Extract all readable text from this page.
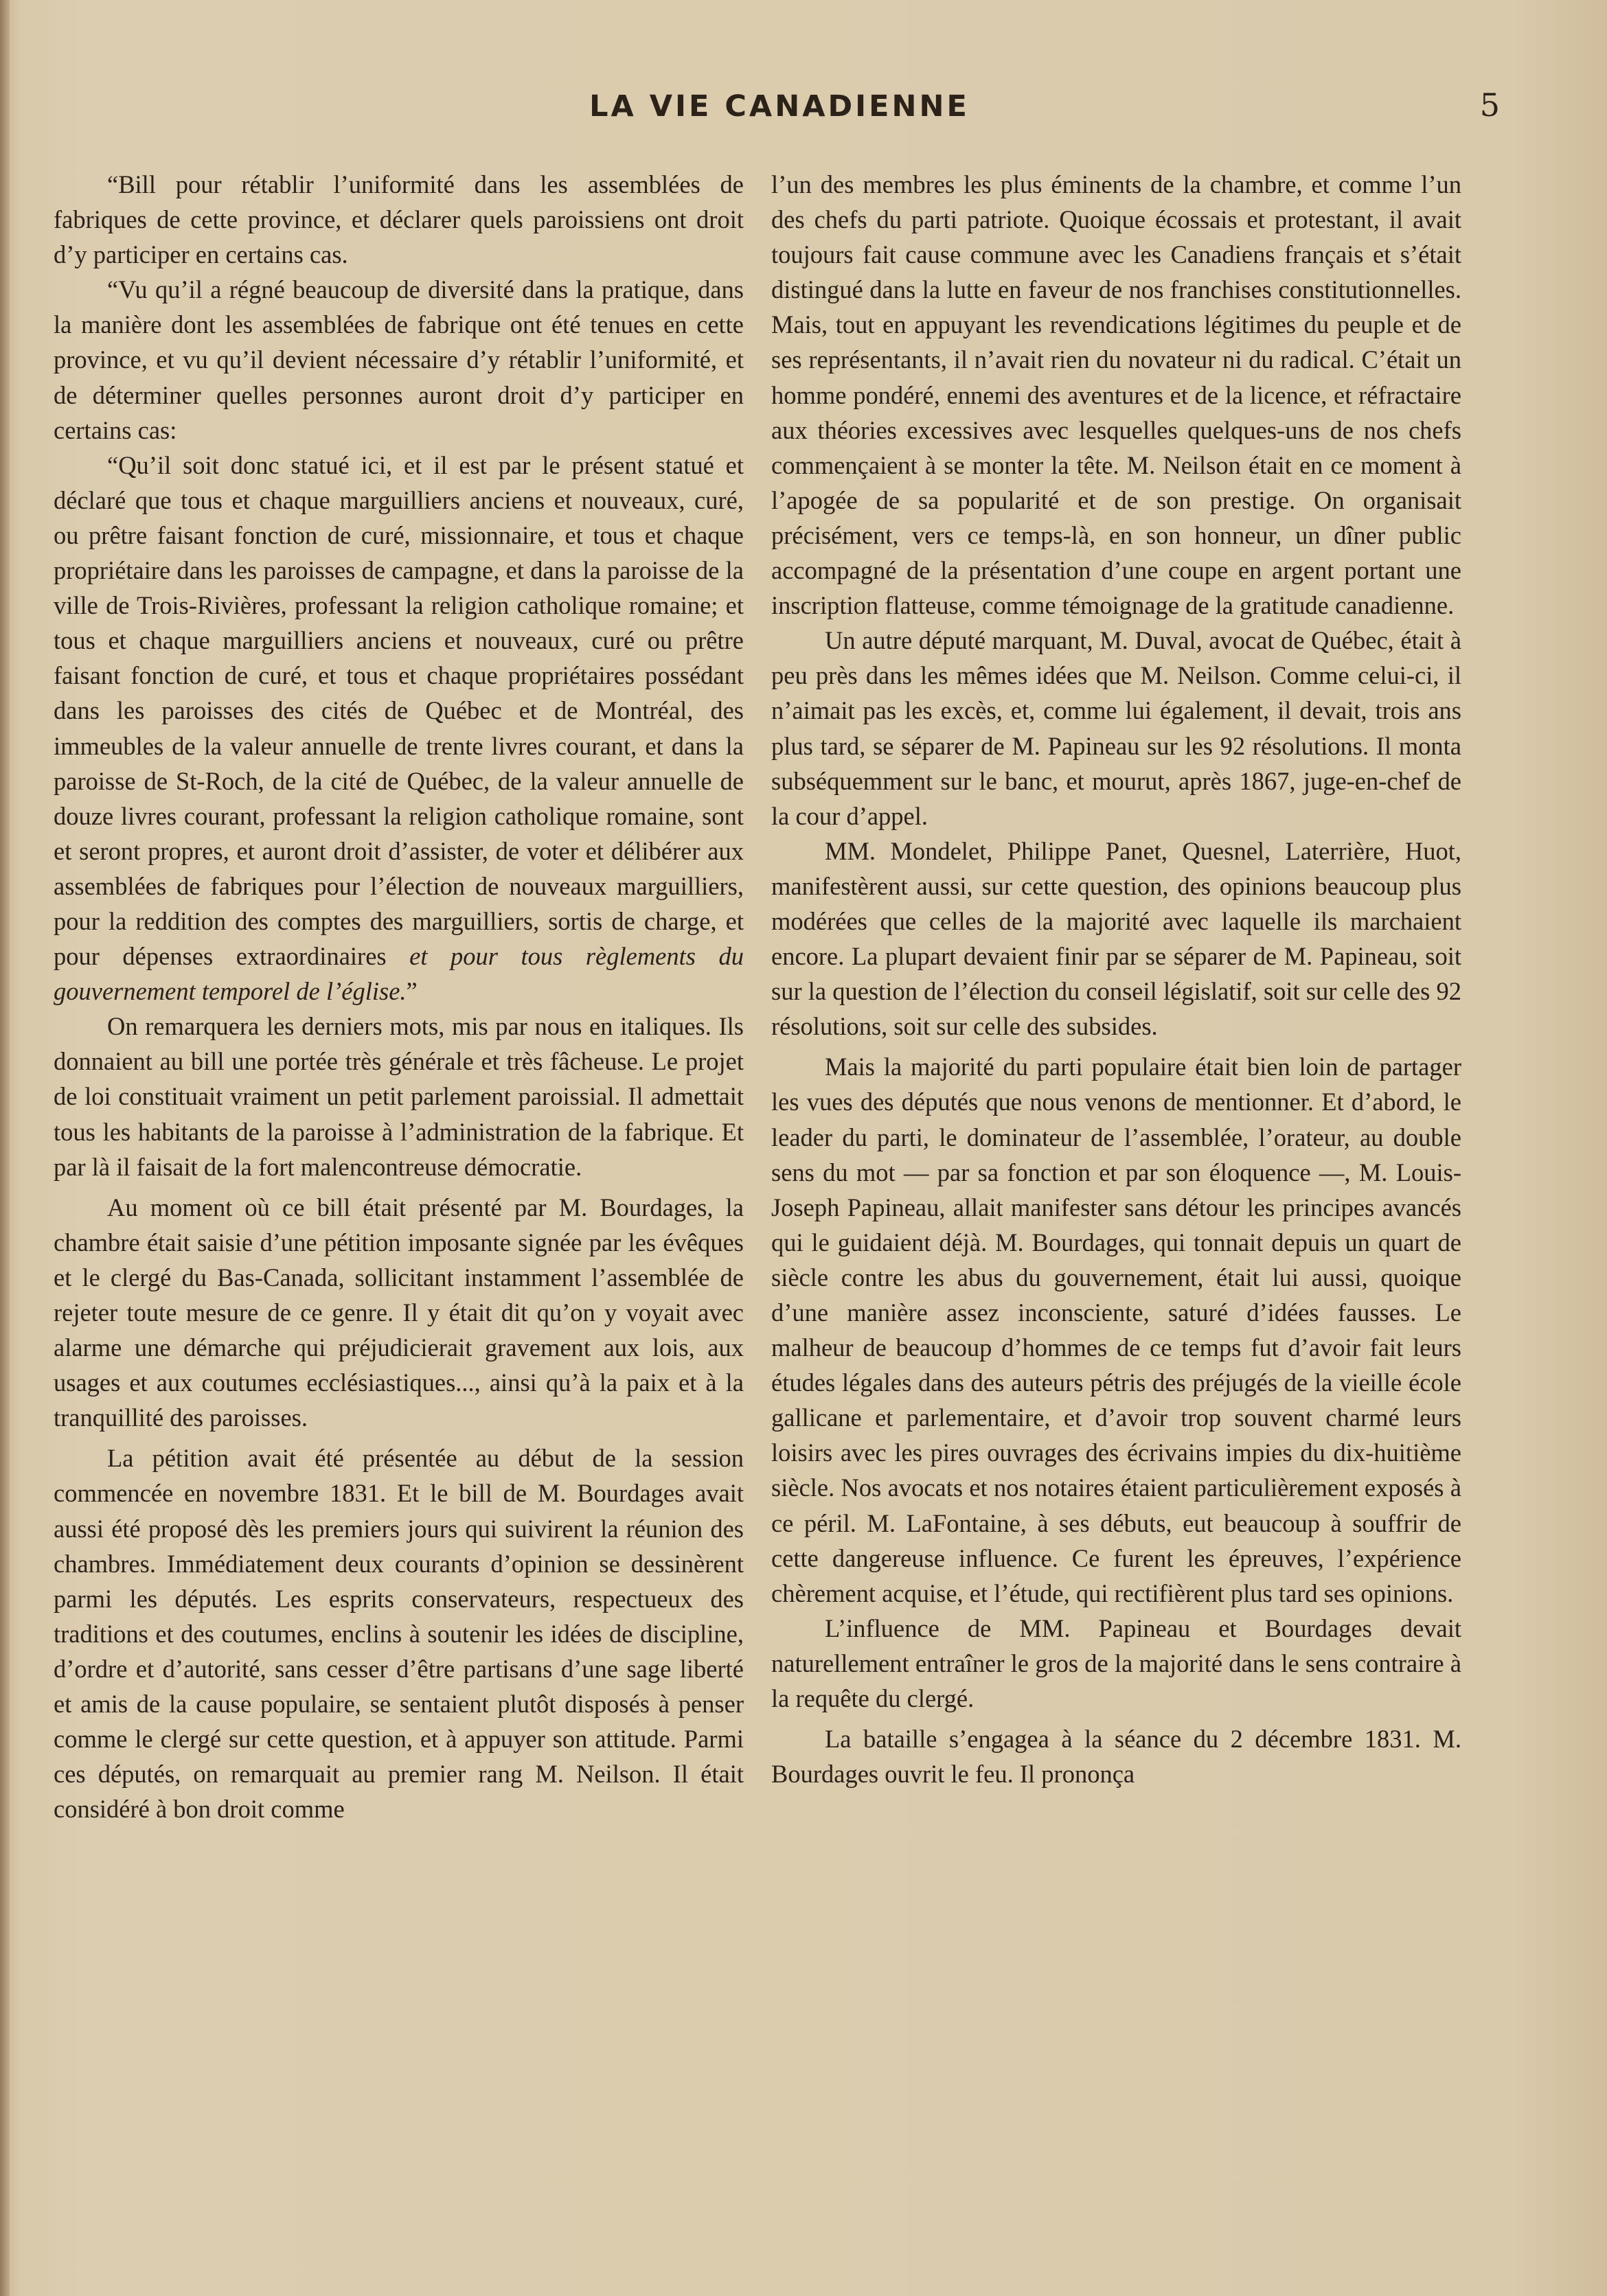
LA VIE CANADIENNE	5

“Bill pour rétablir l’uniformité dans les assemblées de fabriques de cette province, et déclarer quels paroissiens ont droit d’y participer en certains cas.

“Vu qu’il a régné beaucoup de diversité dans la pratique, dans la manière dont les assemblées de fabrique ont été tenues en cette province, et vu qu’il devient nécessaire d’y rétablir l’uniformité, et de déterminer quelles personnes auront droit d’y participer en certains cas:

“Qu’il soit donc statué ici, et il est par le présent statué et déclaré que tous et chaque marguilliers anciens et nouveaux, curé, ou prêtre faisant fonction de curé, missionnaire, et tous et chaque propriétaire dans les paroisses de campagne, et dans la paroisse de la ville de Trois-Rivières, professant la religion catholique romaine; et tous et chaque marguilliers anciens et nouveaux, curé ou prêtre faisant fonction de curé, et tous et chaque propriétaires possédant dans les paroisses des cités de Québec et de Montréal, des immeubles de la valeur annuelle de trente livres courant, et dans la paroisse de St-Roch, de la cité de Québec, de la valeur annuelle de douze livres courant, professant la religion catholique romaine, sont et seront propres, et auront droit d’assister, de voter et délibérer aux assemblées de fabriques pour l’élection de nouveaux marguilliers, pour la reddition des comptes des marguilliers, sortis de charge, et pour dépenses extraordinaires et pour tous règlements du gouvernement temporel de l’église.”

On remarquera les derniers mots, mis par nous en italiques. Ils donnaient au bill une portée très générale et très fâcheuse. Le projet de loi constituait vraiment un petit parlement paroissial. Il admettait tous les habitants de la paroisse à l’administration de la fabrique. Et par là il faisait de la fort malencontreuse démocratie.

Au moment où ce bill était présenté par M. Bourdages, la chambre était saisie d’une pétition imposante signée par les évêques et le clergé du Bas-Canada, sollicitant instamment l’assemblée de rejeter toute mesure de ce genre. Il y était dit qu’on y voyait avec alarme une démarche qui préjudicierait gravement aux lois, aux usages et aux coutumes ecclésiastiques..., ainsi qu’à la paix et à la tranquillité des paroisses.

La pétition avait été présentée au début de la session commencée en novembre 1831. Et le bill de M. Bourdages avait aussi été proposé dès les premiers jours qui suivirent la réunion des chambres. Immédiatement deux courants d’opinion se dessinèrent parmi les députés. Les esprits conservateurs, respectueux des traditions et des coutumes, enclins à soutenir les idées de discipline, d’ordre et d’autorité, sans cesser d’être partisans d’une sage liberté et amis de la cause populaire, se sentaient plutôt disposés à penser comme le clergé sur cette question, et à appuyer son attitude. Parmi ces députés, on remarquait au premier rang M. Neilson. Il était considéré à bon droit comme

l’un des membres les plus éminents de la chambre, et comme l’un des chefs du parti patriote. Quoique écossais et protestant, il avait toujours fait cause commune avec les Canadiens français et s’était distingué dans la lutte en faveur de nos franchises constitutionnelles. Mais, tout en appuyant les revendications légitimes du peuple et de ses représentants, il n’avait rien du novateur ni du radical. C’était un homme pondéré, ennemi des aventures et de la licence, et réfractaire aux théories excessives avec lesquelles quelques-uns de nos chefs commençaient à se monter la tête. M. Neilson était en ce moment à l’apogée de sa popularité et de son prestige. On organisait précisément, vers ce temps-là, en son honneur, un dîner public accompagné de la présentation d’une coupe en argent portant une inscription flatteuse, comme témoignage de la gratitude canadienne.

Un autre député marquant, M. Duval, avocat de Québec, était à peu près dans les mêmes idées que M. Neilson. Comme celui-ci, il n’aimait pas les excès, et, comme lui également, il devait, trois ans plus tard, se séparer de M. Papineau sur les 92 résolutions. Il monta subséquemment sur le banc, et mourut, après 1867, juge-en-chef de la cour d’appel.

MM. Mondelet, Philippe Panet, Quesnel, Laterrière, Huot, manifestèrent aussi, sur cette question, des opinions beaucoup plus modérées que celles de la majorité avec laquelle ils marchaient encore. La plupart devaient finir par se séparer de M. Papineau, soit sur la question de l’élection du conseil législatif, soit sur celle des 92 résolutions, soit sur celle des subsides.

Mais la majorité du parti populaire était bien loin de partager les vues des députés que nous venons de mentionner. Et d’abord, le leader du parti, le dominateur de l’assemblée, l’orateur, au double sens du mot — par sa fonction et par son éloquence —, M. Louis-Joseph Papineau, allait manifester sans détour les principes avancés qui le guidaient déjà. M. Bourdages, qui tonnait depuis un quart de siècle contre les abus du gouvernement, était lui aussi, quoique d’une manière assez inconsciente, saturé d’idées fausses. Le malheur de beaucoup d’hommes de ce temps fut d’avoir fait leurs études légales dans des auteurs pétris des préjugés de la vieille école gallicane et parlementaire, et d’avoir trop souvent charmé leurs loisirs avec les pires ouvrages des écrivains impies du dix-huitième siècle. Nos avocats et nos notaires étaient particulièrement exposés à ce péril. M. LaFontaine, à ses débuts, eut beaucoup à souffrir de cette dangereuse influence. Ce furent les épreuves, l’expérience chèrement acquise, et l’étude, qui rectifièrent plus tard ses opinions.

L’influence de MM. Papineau et Bourdages devait naturellement entraîner le gros de la majorité dans le sens contraire à la requête du clergé.

La bataille s’engagea à la séance du 2 décembre 1831. M. Bourdages ouvrit le feu. Il prononça
